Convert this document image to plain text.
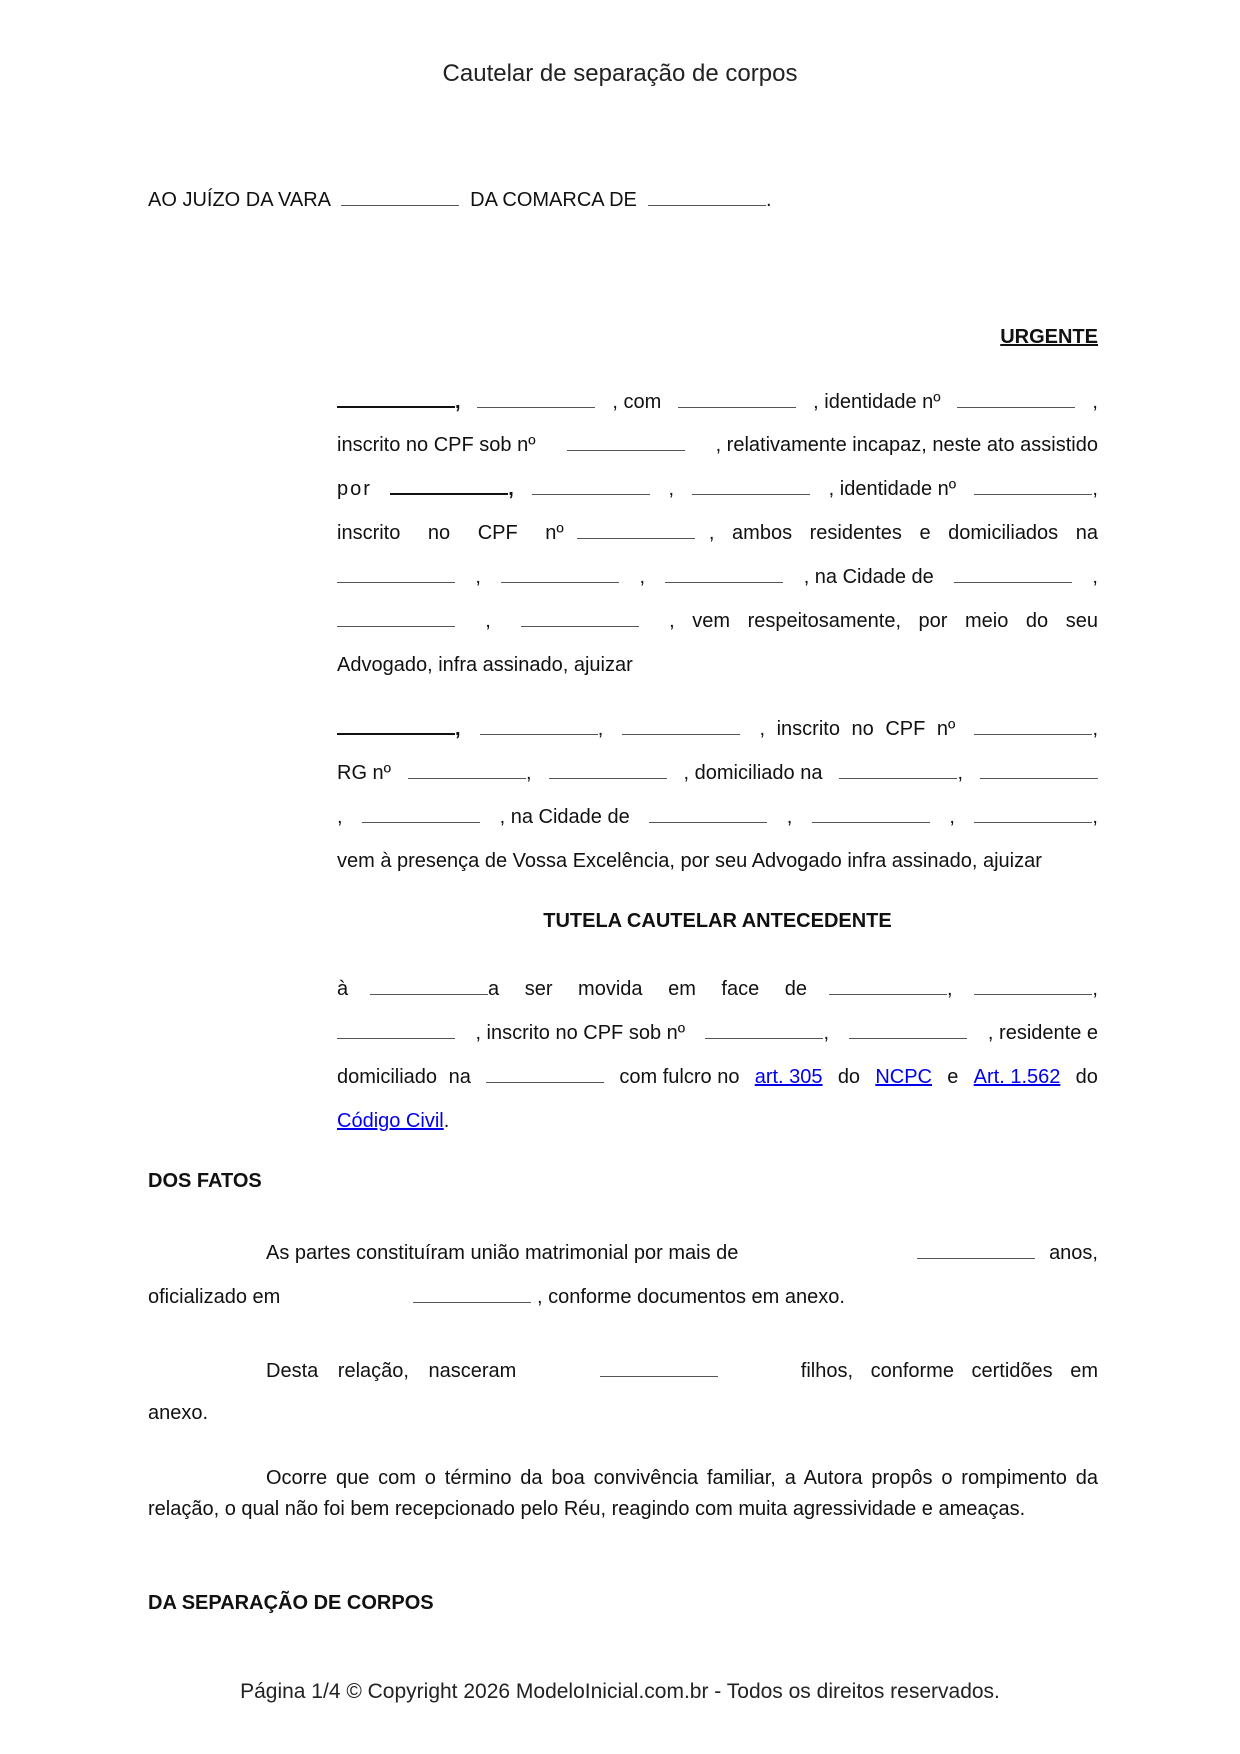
Cautelar de separação de corpos
AO JUÍZO DA VARA	DA COMARCA DE	.
URGENTE
,	, com	, identidade nº	,
inscrito no CPF sob nº	, relativamente incapaz, neste ato assistido
por	,	,	, identidade nº	,
inscrito no CPF nº	, ambos residentes e domiciliados na
,	,	, na Cidade de	,
,	, vem respeitosamente, por meio do seu
Advogado, infra assinado, ajuizar
,	,	, inscrito no CPF nº	,
RG nº	,	, domiciliado na	,
,	, na Cidade de	,	,	,
vem à presença de Vossa Excelência, por seu Advogado infra assinado, ajuizar
TUTELA CAUTELAR ANTECEDENTE
à	a ser movida em face de	,	,
, inscrito no CPF sob nº	,	, residente e
domiciliado na	com fulcro no art. 305 do NCPC e Art. 1.562 do
Código Civil .
DOS FATOS
As partes constituíram união matrimonial por mais de	anos,
oficializado em	, conforme documentos em anexo.
Desta relação, nasceram	filhos, conforme certidões em
anexo.
Ocorre que com o término da boa convivência familiar, a Autora propôs o rompimento da relação, o qual não foi bem recepcionado pelo Réu, reagindo com muita agressividade e ameaças.
DA SEPARAÇÃO DE CORPOS
Página 1/4 © Copyright 2026 ModeloInicial.com.br - Todos os direitos reservados.
